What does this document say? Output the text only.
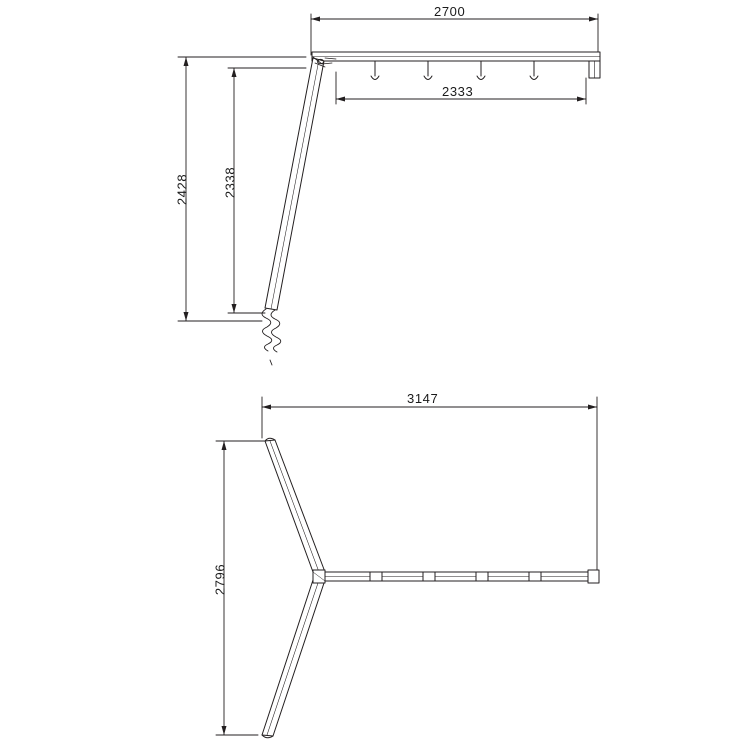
2700
2333
2428	2338
3147
2796
